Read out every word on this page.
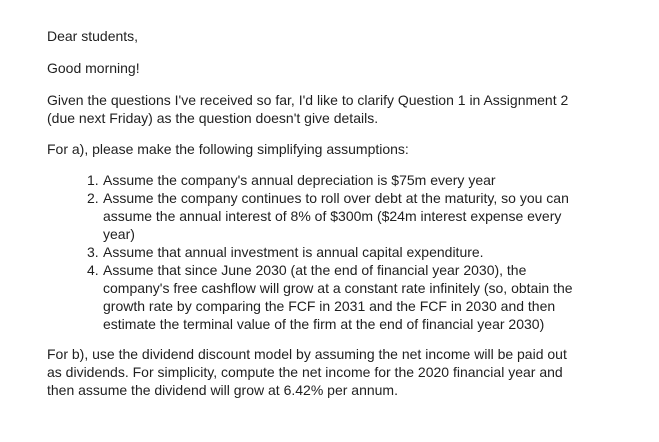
Dear students,

Good morning!

Given the questions I've received so far, I'd like to clarify Question 1 in Assignment 2 (due next Friday) as the question doesn't give details.

For a), please make the following simplifying assumptions:

1. Assume the company's annual depreciation is $75m every year
2. Assume the company continues to roll over debt at the maturity, so you can assume the annual interest of 8% of $300m ($24m interest expense every year)
3. Assume that annual investment is annual capital expenditure.
4. Assume that since June 2030 (at the end of financial year 2030), the company's free cashflow will grow at a constant rate infinitely (so, obtain the growth rate by comparing the FCF in 2031 and the FCF in 2030 and then estimate the terminal value of the firm at the end of financial year 2030)

For b), use the dividend discount model by assuming the net income will be paid out as dividends. For simplicity, compute the net income for the 2020 financial year and then assume the dividend will grow at 6.42% per annum.
